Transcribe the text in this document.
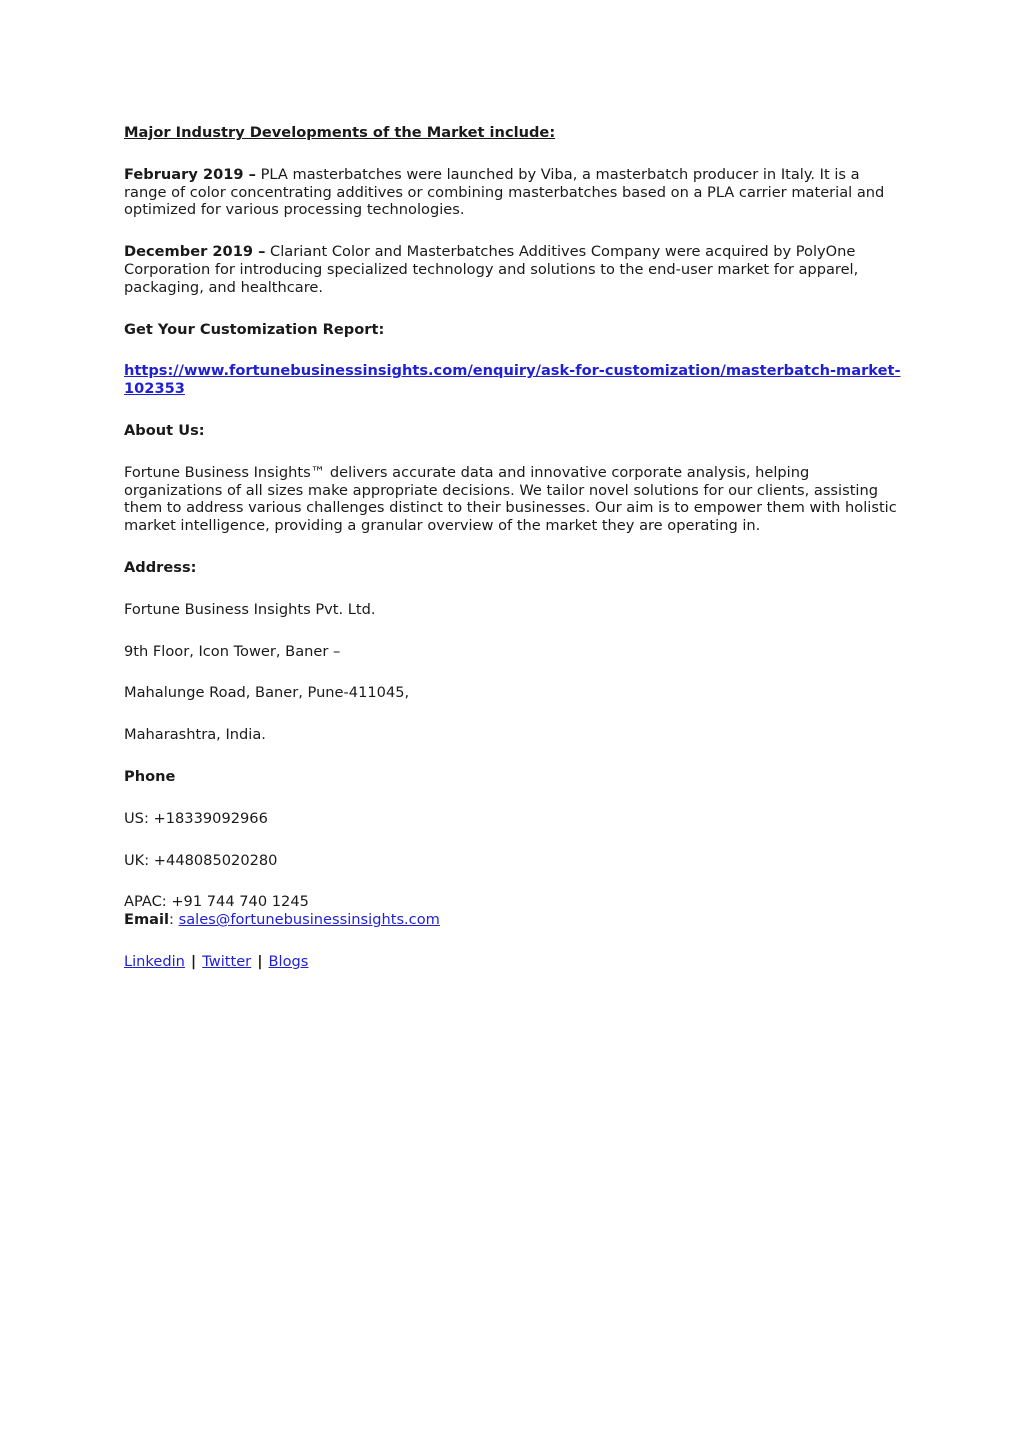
Major Industry Developments of the Market include:

February 2019 – PLA masterbatches were launched by Viba, a masterbatch producer in Italy. It is a range of color concentrating additives or combining masterbatches based on a PLA carrier material and optimized for various processing technologies.

December 2019 – Clariant Color and Masterbatches Additives Company were acquired by PolyOne Corporation for introducing specialized technology and solutions to the end-user market for apparel, packaging, and healthcare.

Get Your Customization Report:

https://www.fortunebusinessinsights.com/enquiry/ask-for-customization/masterbatch-market-102353

About Us:

Fortune Business Insights™ delivers accurate data and innovative corporate analysis, helping organizations of all sizes make appropriate decisions. We tailor novel solutions for our clients, assisting them to address various challenges distinct to their businesses. Our aim is to empower them with holistic market intelligence, providing a granular overview of the market they are operating in.

Address:

Fortune Business Insights Pvt. Ltd.

9th Floor, Icon Tower, Baner –

Mahalunge Road, Baner, Pune-411045,

Maharashtra, India.

Phone

US: +18339092966

UK: +448085020280

APAC: +91 744 740 1245

Email: sales@fortunebusinessinsights.com

Linkedin | Twitter | Blogs
